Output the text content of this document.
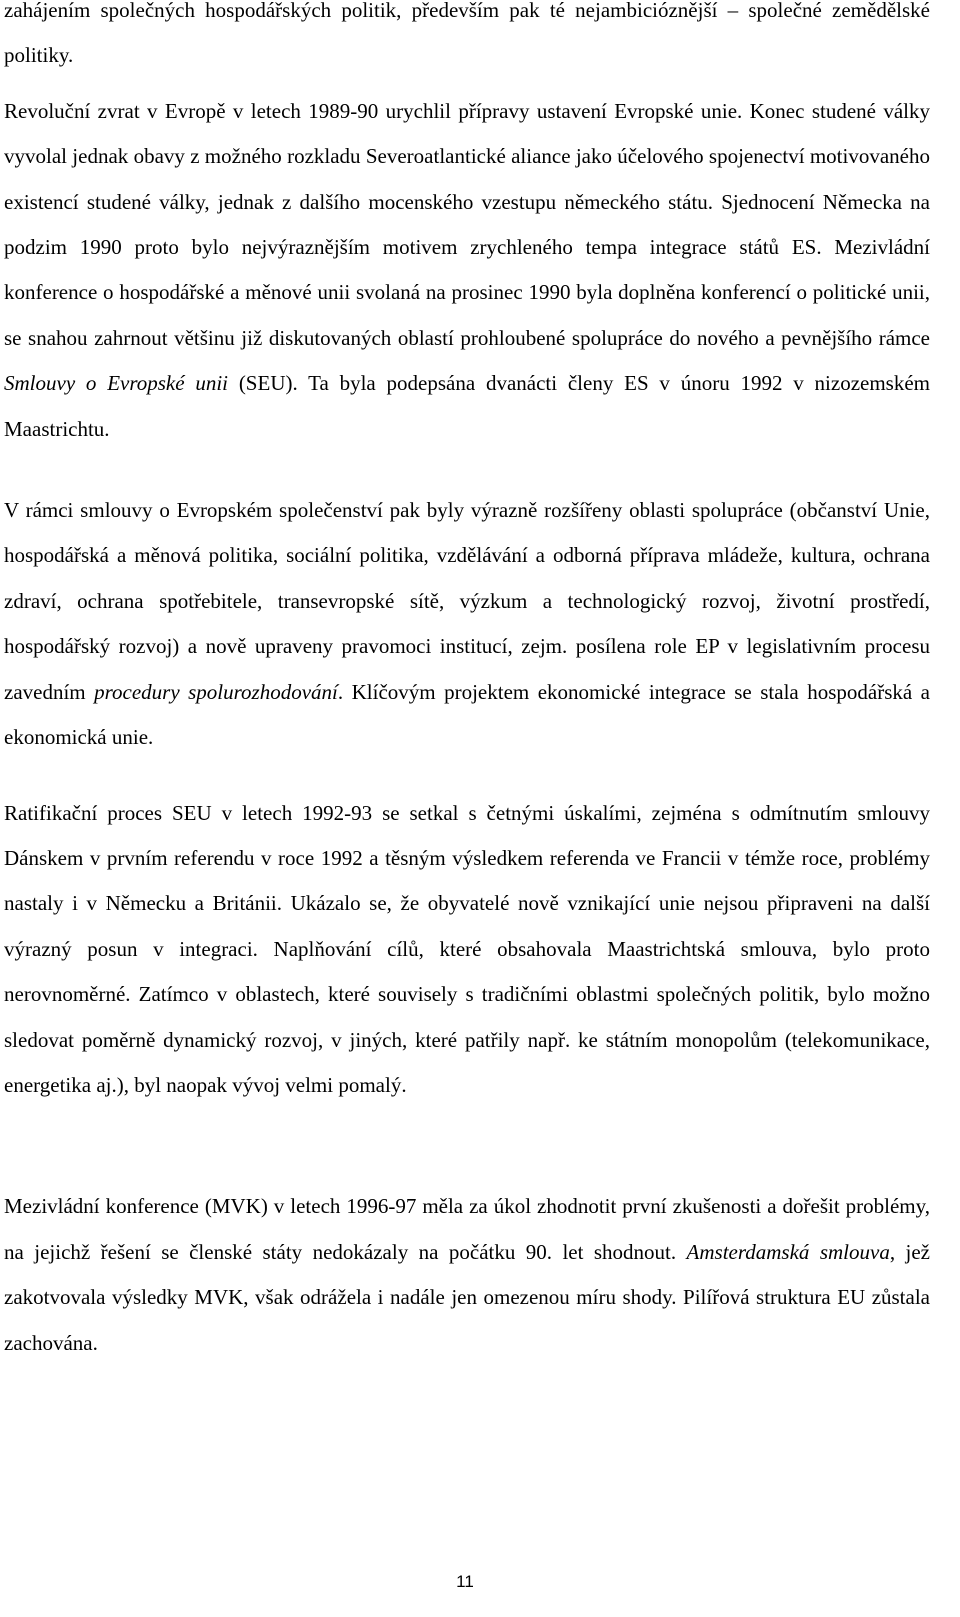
zahájením společných hospodářských politik, především pak té nejambicióznější – společné zemědělské politiky.

Revoluční zvrat v Evropě v letech 1989-90 urychlil přípravy ustavení Evropské unie. Konec studené války vyvolal jednak obavy z možného rozkladu Severoatlantické aliance jako účelového spojenectví motivovaného existencí studené války, jednak z dalšího mocenského vzestupu německého státu. Sjednocení Německa na podzim 1990 proto bylo nejvýraznějším motivem zrychleného tempa integrace států ES. Mezivládní konference o hospodářské a měnové unii svolaná na prosinec 1990 byla doplněna konferencí o politické unii, se snahou zahrnout většinu již diskutovaných oblastí prohloubené spolupráce do nového a pevnějšího rámce Smlouvy o Evropské unii (SEU). Ta byla podepsána dvanácti členy ES v únoru 1992 v nizozemském Maastrichtu.

V rámci smlouvy o Evropském společenství pak byly výrazně rozšířeny oblasti spolupráce (občanství Unie, hospodářská a měnová politika, sociální politika, vzdělávání a odborná příprava mládeže, kultura, ochrana zdraví, ochrana spotřebitele, transevropské sítě, výzkum a technologický rozvoj, životní prostředí, hospodářský rozvoj) a nově upraveny pravomoci institucí, zejm. posílena role EP v legislativním procesu zavedním procedury spolurozhodování. Klíčovým projektem ekonomické integrace se stala hospodářská a ekonomická unie.

Ratifikační proces SEU v letech 1992-93 se setkal s četnými úskalími, zejména s odmítnutím smlouvy Dánskem v prvním referendu v roce 1992 a těsným výsledkem referenda ve Francii v témže roce, problémy nastaly i v Německu a Británii. Ukázalo se, že obyvatelé nově vznikající unie nejsou připraveni na další výrazný posun v integraci. Naplňování cílů, které obsahovala Maastrichtská smlouva, bylo proto nerovnoměrné. Zatímco v oblastech, které souvisely s tradičními oblastmi společných politik, bylo možno sledovat poměrně dynamický rozvoj, v jiných, které patřily např. ke státním monopolům (telekomunikace, energetika aj.), byl naopak vývoj velmi pomalý.

Mezivládní konference (MVK) v letech 1996-97 měla za úkol zhodnotit první zkušenosti a dořešit problémy, na jejichž řešení se členské státy nedokázaly na počátku 90. let shodnout. Amsterdamská smlouva, jež zakotvovala výsledky MVK, však odrážela i nadále jen omezenou míru shody. Pilířová struktura EU zůstala zachována.

11
